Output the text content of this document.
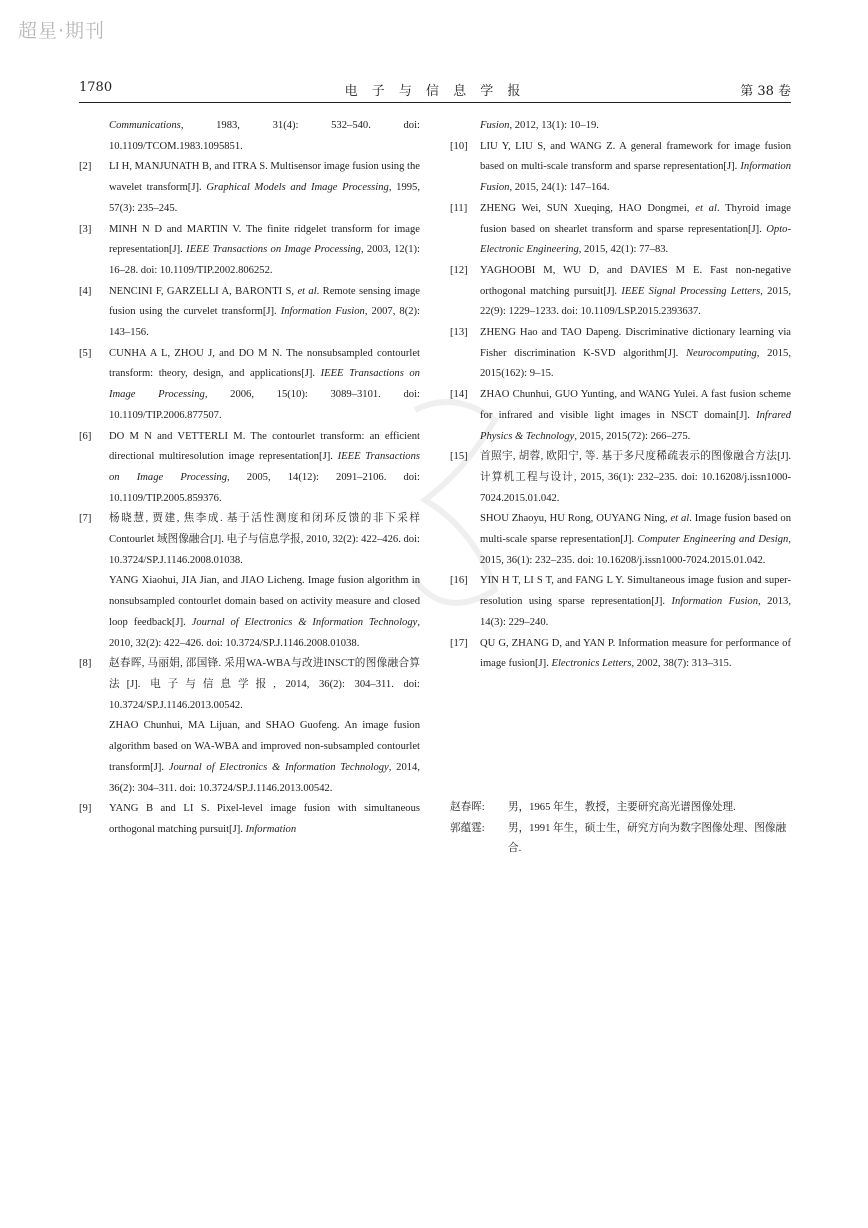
超星·期刊
1780	电 子 与 信 息 学 报	第 38 卷
Communications, 1983, 31(4): 532–540. doi: 10.1109/TCOM.1983.1095851.
[2] LI H, MANJUNATH B, and ITRA S. Multisensor image fusion using the wavelet transform[J]. Graphical Models and Image Processing, 1995, 57(3): 235–245.
[3] MINH N D and MARTIN V. The finite ridgelet transform for image representation[J]. IEEE Transactions on Image Processing, 2003, 12(1): 16–28. doi: 10.1109/TIP.2002.806252.
[4] NENCINI F, GARZELLI A, BARONTI S, et al. Remote sensing image fusion using the curvelet transform[J]. Information Fusion, 2007, 8(2): 143–156.
[5] CUNHA A L, ZHOU J, and DO M N. The nonsubsampled contourlet transform: theory, design, and applications[J]. IEEE Transactions on Image Processing, 2006, 15(10): 3089–3101. doi: 10.1109/TIP.2006.877507.
[6] DO M N and VETTERLI M. The contourlet transform: an efficient directional multiresolution image representation[J]. IEEE Transactions on Image Processing, 2005, 14(12): 2091–2106. doi: 10.1109/TIP.2005.859376.
[7] 杨晓慧, 贾建, 焦李成. 基于活性测度和闭环反馈的非下采样Contourlet 域图像融合[J]. 电子与信息学报, 2010, 32(2): 422–426. doi: 10.3724/SP.J.1146.2008.01038.
YANG Xiaohui, JIA Jian, and JIAO Licheng. Image fusion algorithm in nonsubsampled contourlet domain based on activity measure and closed loop feedback[J]. Journal of Electronics & Information Technology, 2010, 32(2): 422–426. doi: 10.3724/SP.J.1146.2008.01038.
[8] 赵春晖, 马丽娟, 邵国锋. 采用WA-WBA与改进INSCT的图像融合算法[J]. 电子与信息学报, 2014, 36(2): 304–311. doi: 10.3724/SP.J.1146.2013.00542.
ZHAO Chunhui, MA Lijuan, and SHAO Guofeng. An image fusion algorithm based on WA-WBA and improved non-subsampled contourlet transform[J]. Journal of Electronics & Information Technology, 2014, 36(2): 304–311. doi: 10.3724/SP.J.1146.2013.00542.
[9] YANG B and LI S. Pixel-level image fusion with simultaneous orthogonal matching pursuit[J]. Information
Fusion, 2012, 13(1): 10–19.
[10] LIU Y, LIU S, and WANG Z. A general framework for image fusion based on multi-scale transform and sparse representation[J]. Information Fusion, 2015, 24(1): 147–164.
[11] ZHENG Wei, SUN Xueqing, HAO Dongmei, et al. Thyroid image fusion based on shearlet transform and sparse representation[J]. Opto-Electronic Engineering, 2015, 42(1): 77–83.
[12] YAGHOOBI M, WU D, and DAVIES M E. Fast non-negative orthogonal matching pursuit[J]. IEEE Signal Processing Letters, 2015, 22(9): 1229–1233. doi: 10.1109/LSP.2015.2393637.
[13] ZHENG Hao and TAO Dapeng. Discriminative dictionary learning via Fisher discrimination K-SVD algorithm[J]. Neurocomputing, 2015, 2015(162): 9–15.
[14] ZHAO Chunhui, GUO Yunting, and WANG Yulei. A fast fusion scheme for infrared and visible light images in NSCT domain[J]. Infrared Physics & Technology, 2015, 2015(72): 266–275.
[15] 首照宇, 胡蓉, 欧阳宁, 等. 基于多尺度稀疏表示的图像融合方法[J]. 计算机工程与设计, 2015, 36(1): 232–235. doi: 10.16208/j.issn1000-7024.2015.01.042.
SHOU Zhaoyu, HU Rong, OUYANG Ning, et al. Image fusion based on multi-scale sparse representation[J]. Computer Engineering and Design, 2015, 36(1): 232–235. doi: 10.16208/j.issn1000-7024.2015.01.042.
[16] YIN H T, LI S T, and FANG L Y. Simultaneous image fusion and super-resolution using sparse representation[J]. Information Fusion, 2013, 14(3): 229–240.
[17] QU G, ZHANG D, and YAN P. Information measure for performance of image fusion[J]. Electronics Letters, 2002, 38(7): 313–315.
赵春晖: 男，1965 年生，教授，主要研究高光谱图像处理.
郭蕴霆: 男，1991 年生，硕士生，研究方向为数字图像处理、图像融合.
